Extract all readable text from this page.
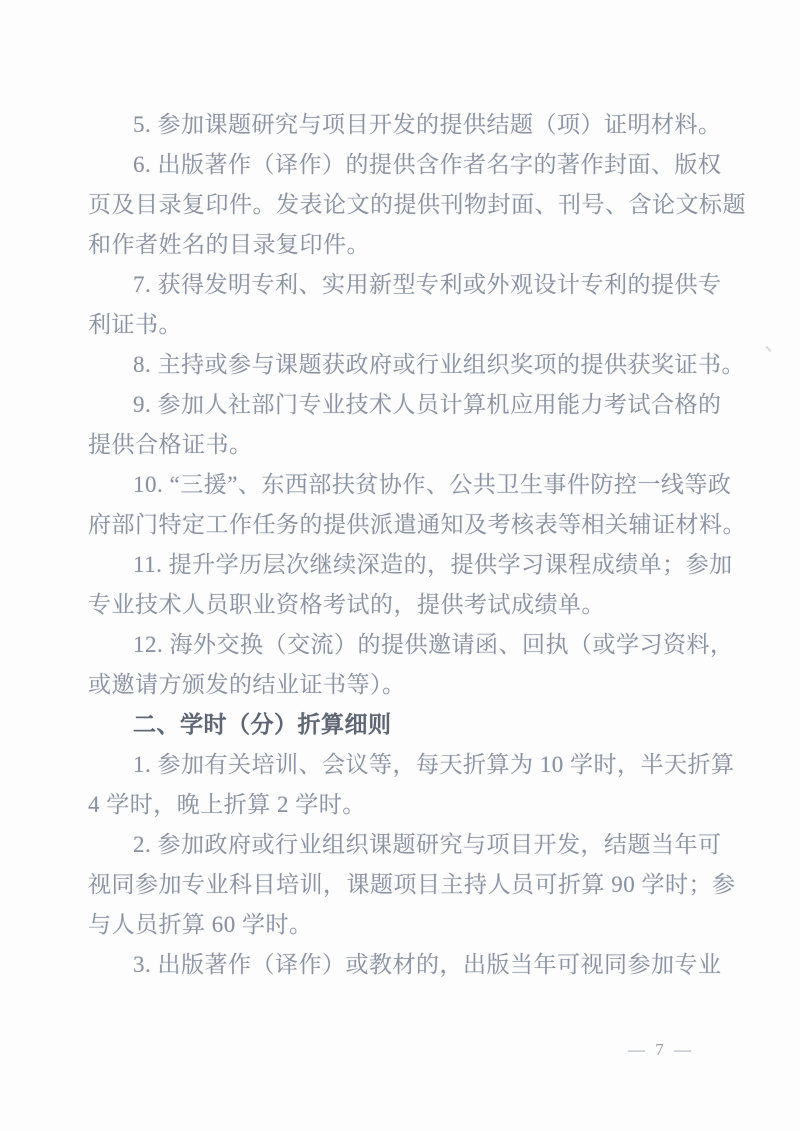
5. 参加课题研究与项目开发的提供结题（项）证明材料。

6. 出版著作（译作）的提供含作者名字的著作封面、版权

页及目录复印件。发表论文的提供刊物封面、刊号、含论文标题

和作者姓名的目录复印件。

7. 获得发明专利、实用新型专利或外观设计专利的提供专

利证书。

8. 主持或参与课题获政府或行业组织奖项的提供获奖证书。

9. 参加人社部门专业技术人员计算机应用能力考试合格的

提供合格证书。

10. “三援”、东西部扶贫协作、公共卫生事件防控一线等政

府部门特定工作任务的提供派遣通知及考核表等相关辅证材料。

11. 提升学历层次继续深造的，提供学习课程成绩单；参加

专业技术人员职业资格考试的，提供考试成绩单。

12. 海外交换（交流）的提供邀请函、回执（或学习资料，

或邀请方颁发的结业证书等）。

二、学时（分）折算细则

1. 参加有关培训、会议等，每天折算为 10 学时，半天折算

4 学时，晚上折算 2 学时。

2. 参加政府或行业组织课题研究与项目开发，结题当年可

视同参加专业科目培训，课题项目主持人员可折算 90 学时；参

与人员折算 60 学时。

3. 出版著作（译作）或教材的，出版当年可视同参加专业

— 7 —
